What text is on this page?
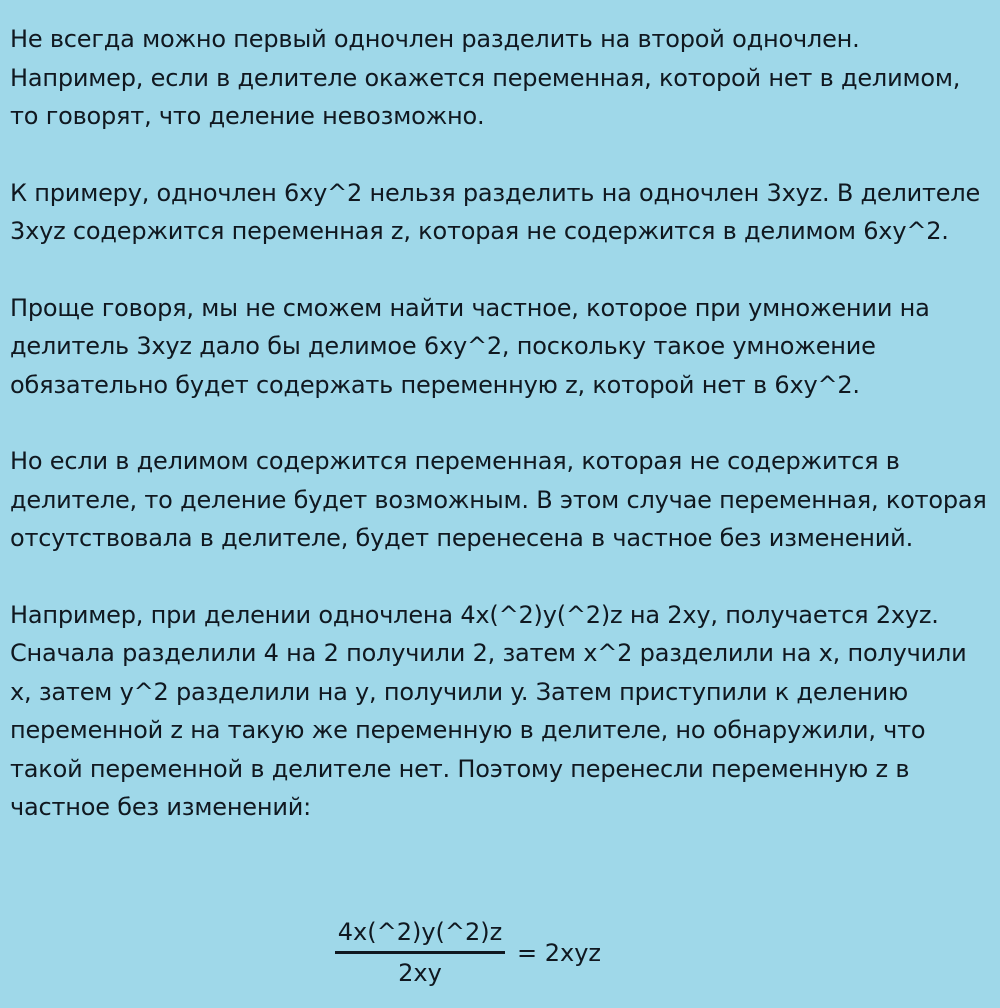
Не всегда можно первый одночлен разделить на второй одночлен. Например, если в делителе окажется переменная, которой нет в делимом, то говорят, что деление невозможно.

К примеру, одночлен 6xy^2 нельзя разделить на одночлен 3xyz. В делителе 3xyz содержится переменная z, которая не содержится в делимом 6xy^2.

Проще говоря, мы не сможем найти частное, которое при умножении на делитель 3xyz дало бы делимое 6xy^2, поскольку такое умножение обязательно будет содержать переменную z, которой нет в 6xy^2.

Но если в делимом содержится переменная, которая не содержится в делителе, то деление будет возможным. В этом случае переменная, которая отсутствовала в делителе, будет перенесена в частное без изменений.

Например, при делении одночлена 4x(^2)y(^2)z на 2xy, получается 2xyz. Сначала разделили 4 на 2 получили 2, затем x^2 разделили на x, получили x, затем y^2 разделили на y, получили y. Затем приступили к делению переменной z на такую же переменную в делителе, но обнаружили, что такой переменной в делителе нет. Поэтому перенесли переменную z в частное без изменений:

$\frac{4x(\^{}2)y(\^{}2)z}{2xy} = 2xyz$
